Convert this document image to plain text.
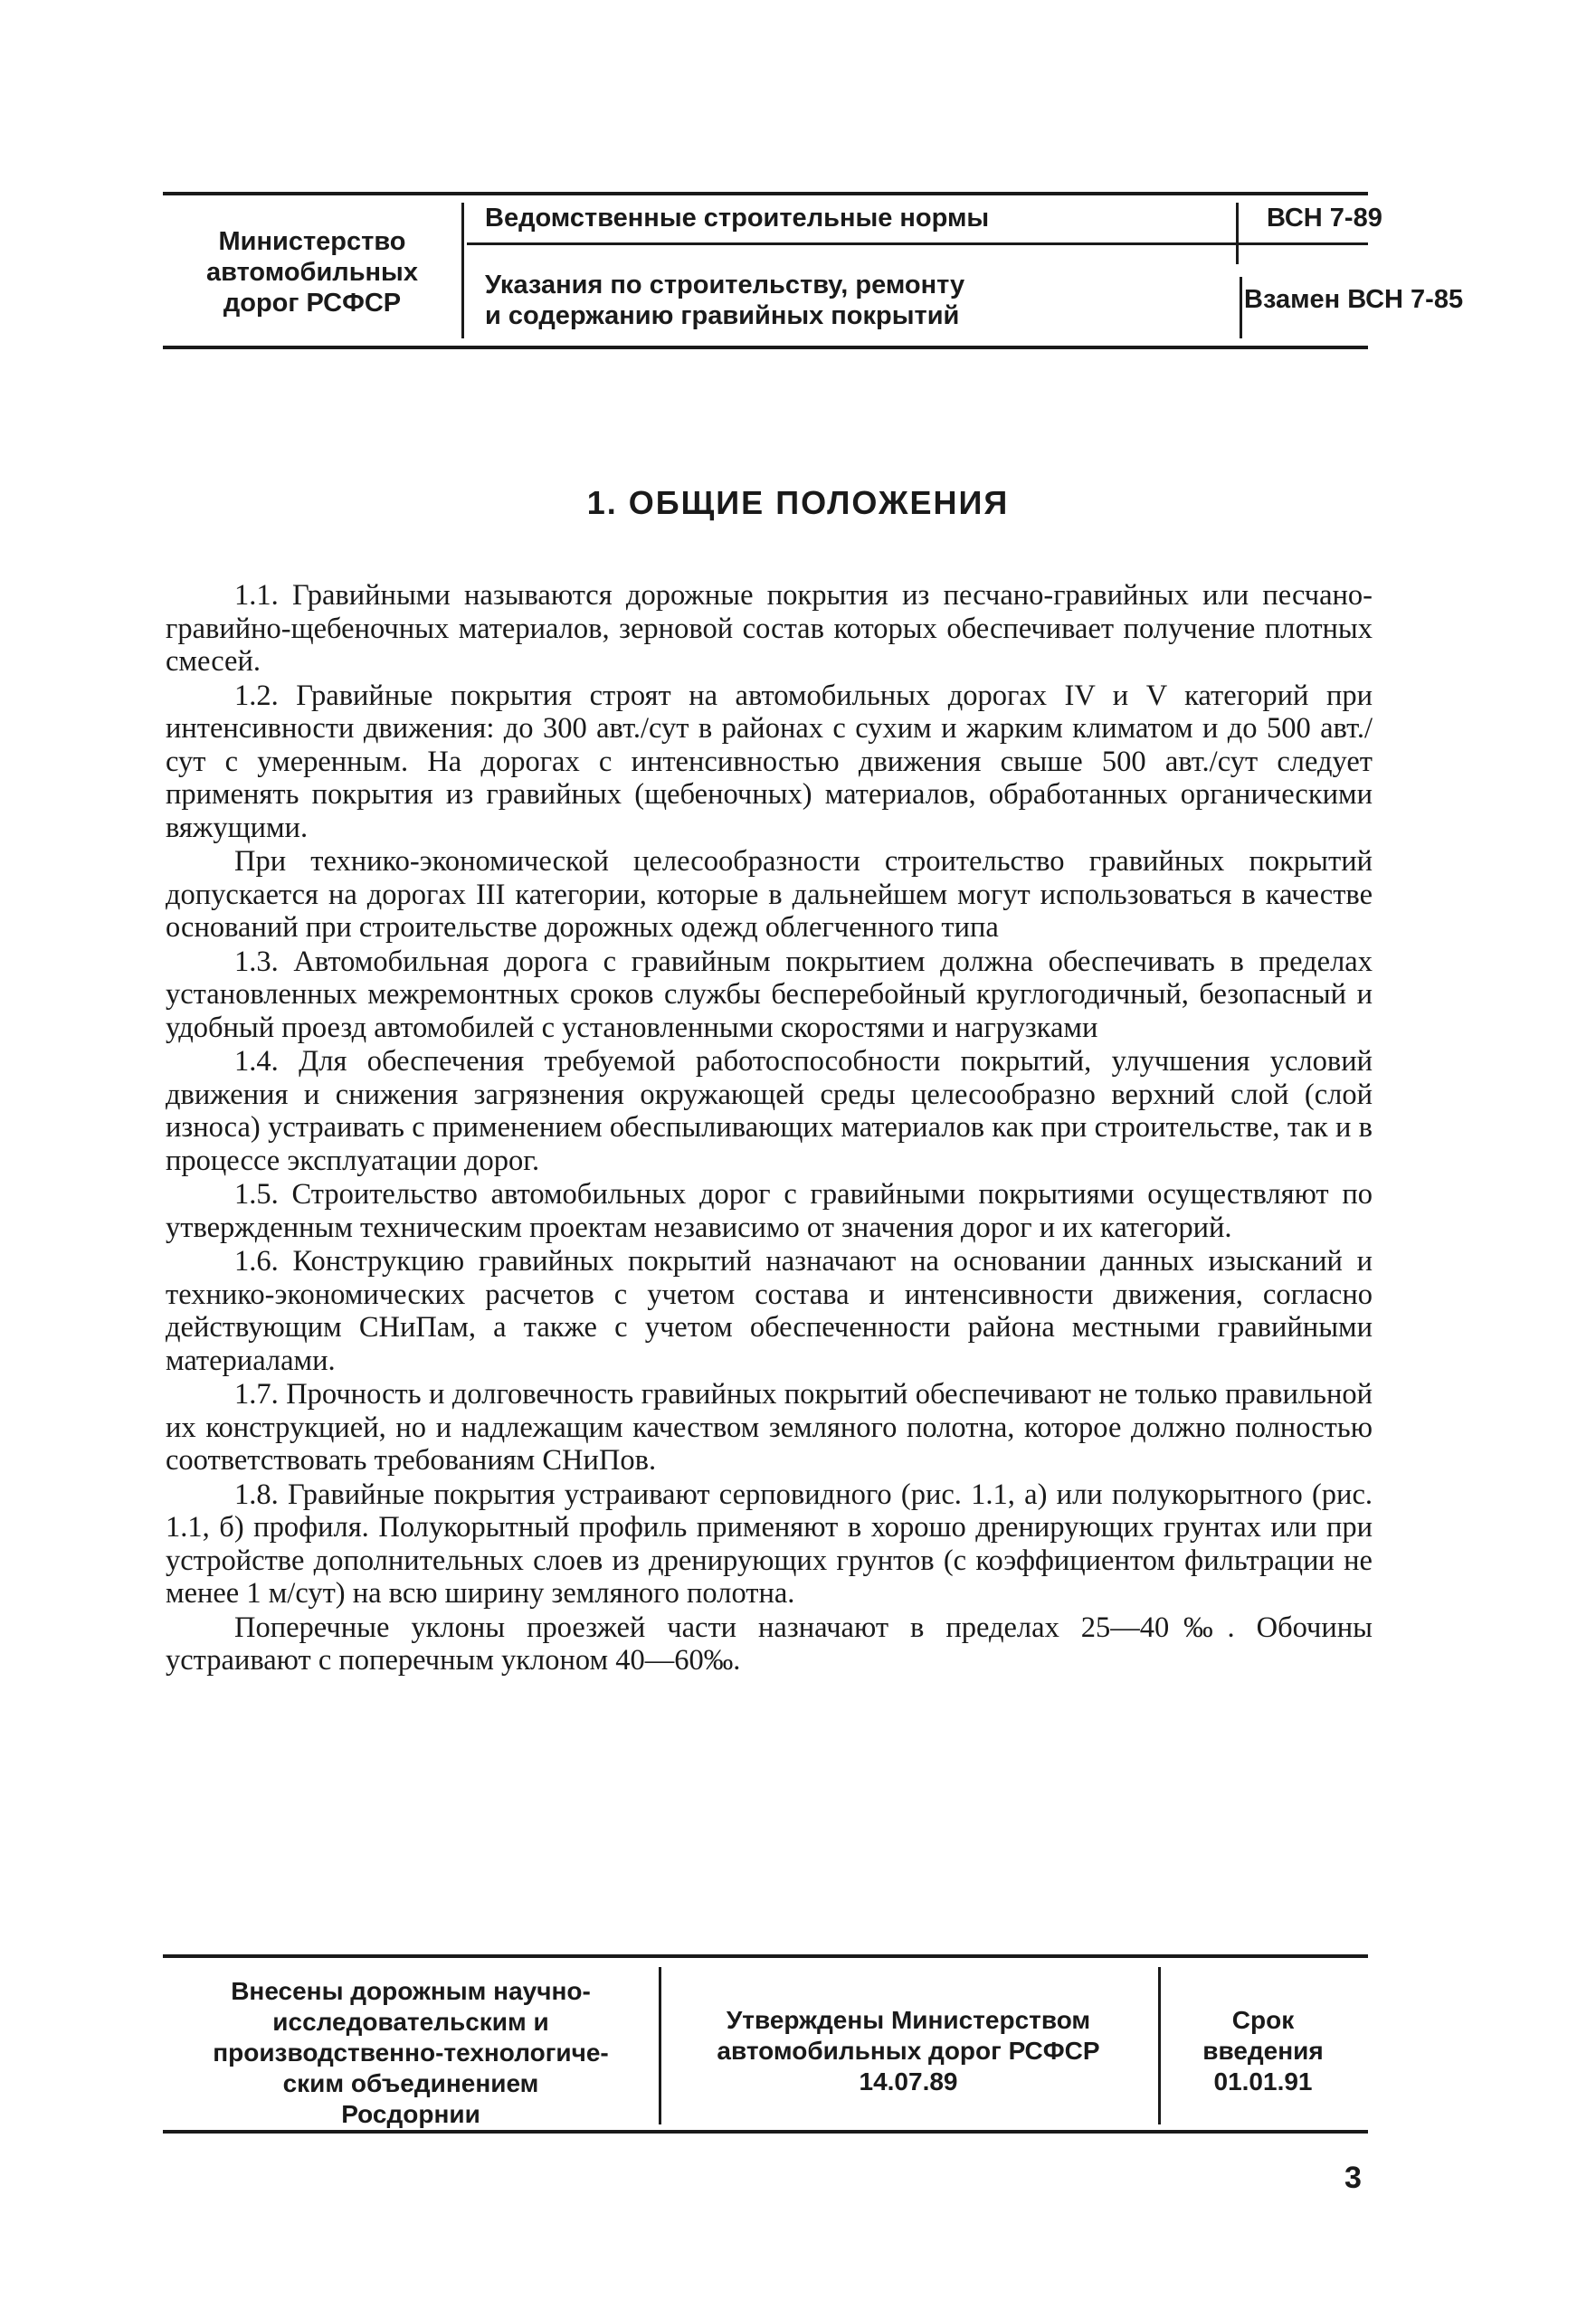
Министерство
автомобильных
дорог РСФСР
Ведомственные строительные нормы	ВСН 7-89
Указания по строительству, ремонту
и содержанию гравийных покрытий
Взамен ВСН 7-85
1. ОБЩИЕ ПОЛОЖЕНИЯ

1.1. Гравийными называются дорожные покрытия из песчано-гравийных или песчано-гравийно-щебеночных материалов, зерновой состав которых обеспечивает получение плотных смесей.

1.2. Гравийные покрытия строят на автомобильных дорогах IV и V категорий при интенсивности движения: до 300 авт./сут в районах с сухим и жарким климатом и до 500 авт./сут с умеренным. На дорогах с интенсивностью движения свыше 500 авт./сут следует применять покрытия из гравийных (щебеночных) материалов, обработанных органическими вяжущими.

При технико-экономической целесообразности строительство гравийных покрытий допускается на дорогах III категории, которые в дальнейшем могут использоваться в качестве оснований при строительстве дорожных одежд облегченного типа

1.3. Автомобильная дорога с гравийным покрытием должна обеспечивать в пределах установленных межремонтных сроков службы бесперебойный круглогодичный, безопасный и удобный проезд автомобилей с установленными скоростями и нагрузками

1.4. Для обеспечения требуемой работоспособности покрытий, улучшения условий движения и снижения загрязнения окружающей среды целесообразно верхний слой (слой износа) устраивать с применением обеспыливающих материалов как при строительстве, так и в процессе эксплуатации дорог.

1.5. Строительство автомобильных дорог с гравийными покрытиями осуществляют по утвержденным техническим проектам независимо от значения дорог и их категорий.

1.6. Конструкцию гравийных покрытий назначают на основании данных изысканий и технико-экономических расчетов с учетом состава и интенсивности движения, согласно действующим СНиПам, а также с учетом обеспеченности района местными гравийными материалами.

1.7. Прочность и долговечность гравийных покрытий обеспечивают не только правильной их конструкцией, но и надлежащим качеством земляного полотна, которое должно полностью соответствовать требованиям СНиПов.

1.8. Гравийные покрытия устраивают серповидного (рис. 1.1, а) или полукорытного (рис. 1.1, б) профиля. Полукорытный профиль применяют в хорошо дренирующих грунтах или при устройстве дополнительных слоев из дренирующих грунтов (с коэффициентом фильтрации не менее 1 м/сут) на всю ширину земляного полотна.

Поперечные уклоны проезжей части назначают в пределах 25—40‰. Обочины устраивают с поперечным уклоном 40—60‰.

Внесены дорожным научно-
исследовательским и
производственно-технологиче-
ским объединением
Росдорнии
Утверждены Министерством
автомобильных дорог РСФСР
14.07.89
Срок
введения
01.01.91
3
